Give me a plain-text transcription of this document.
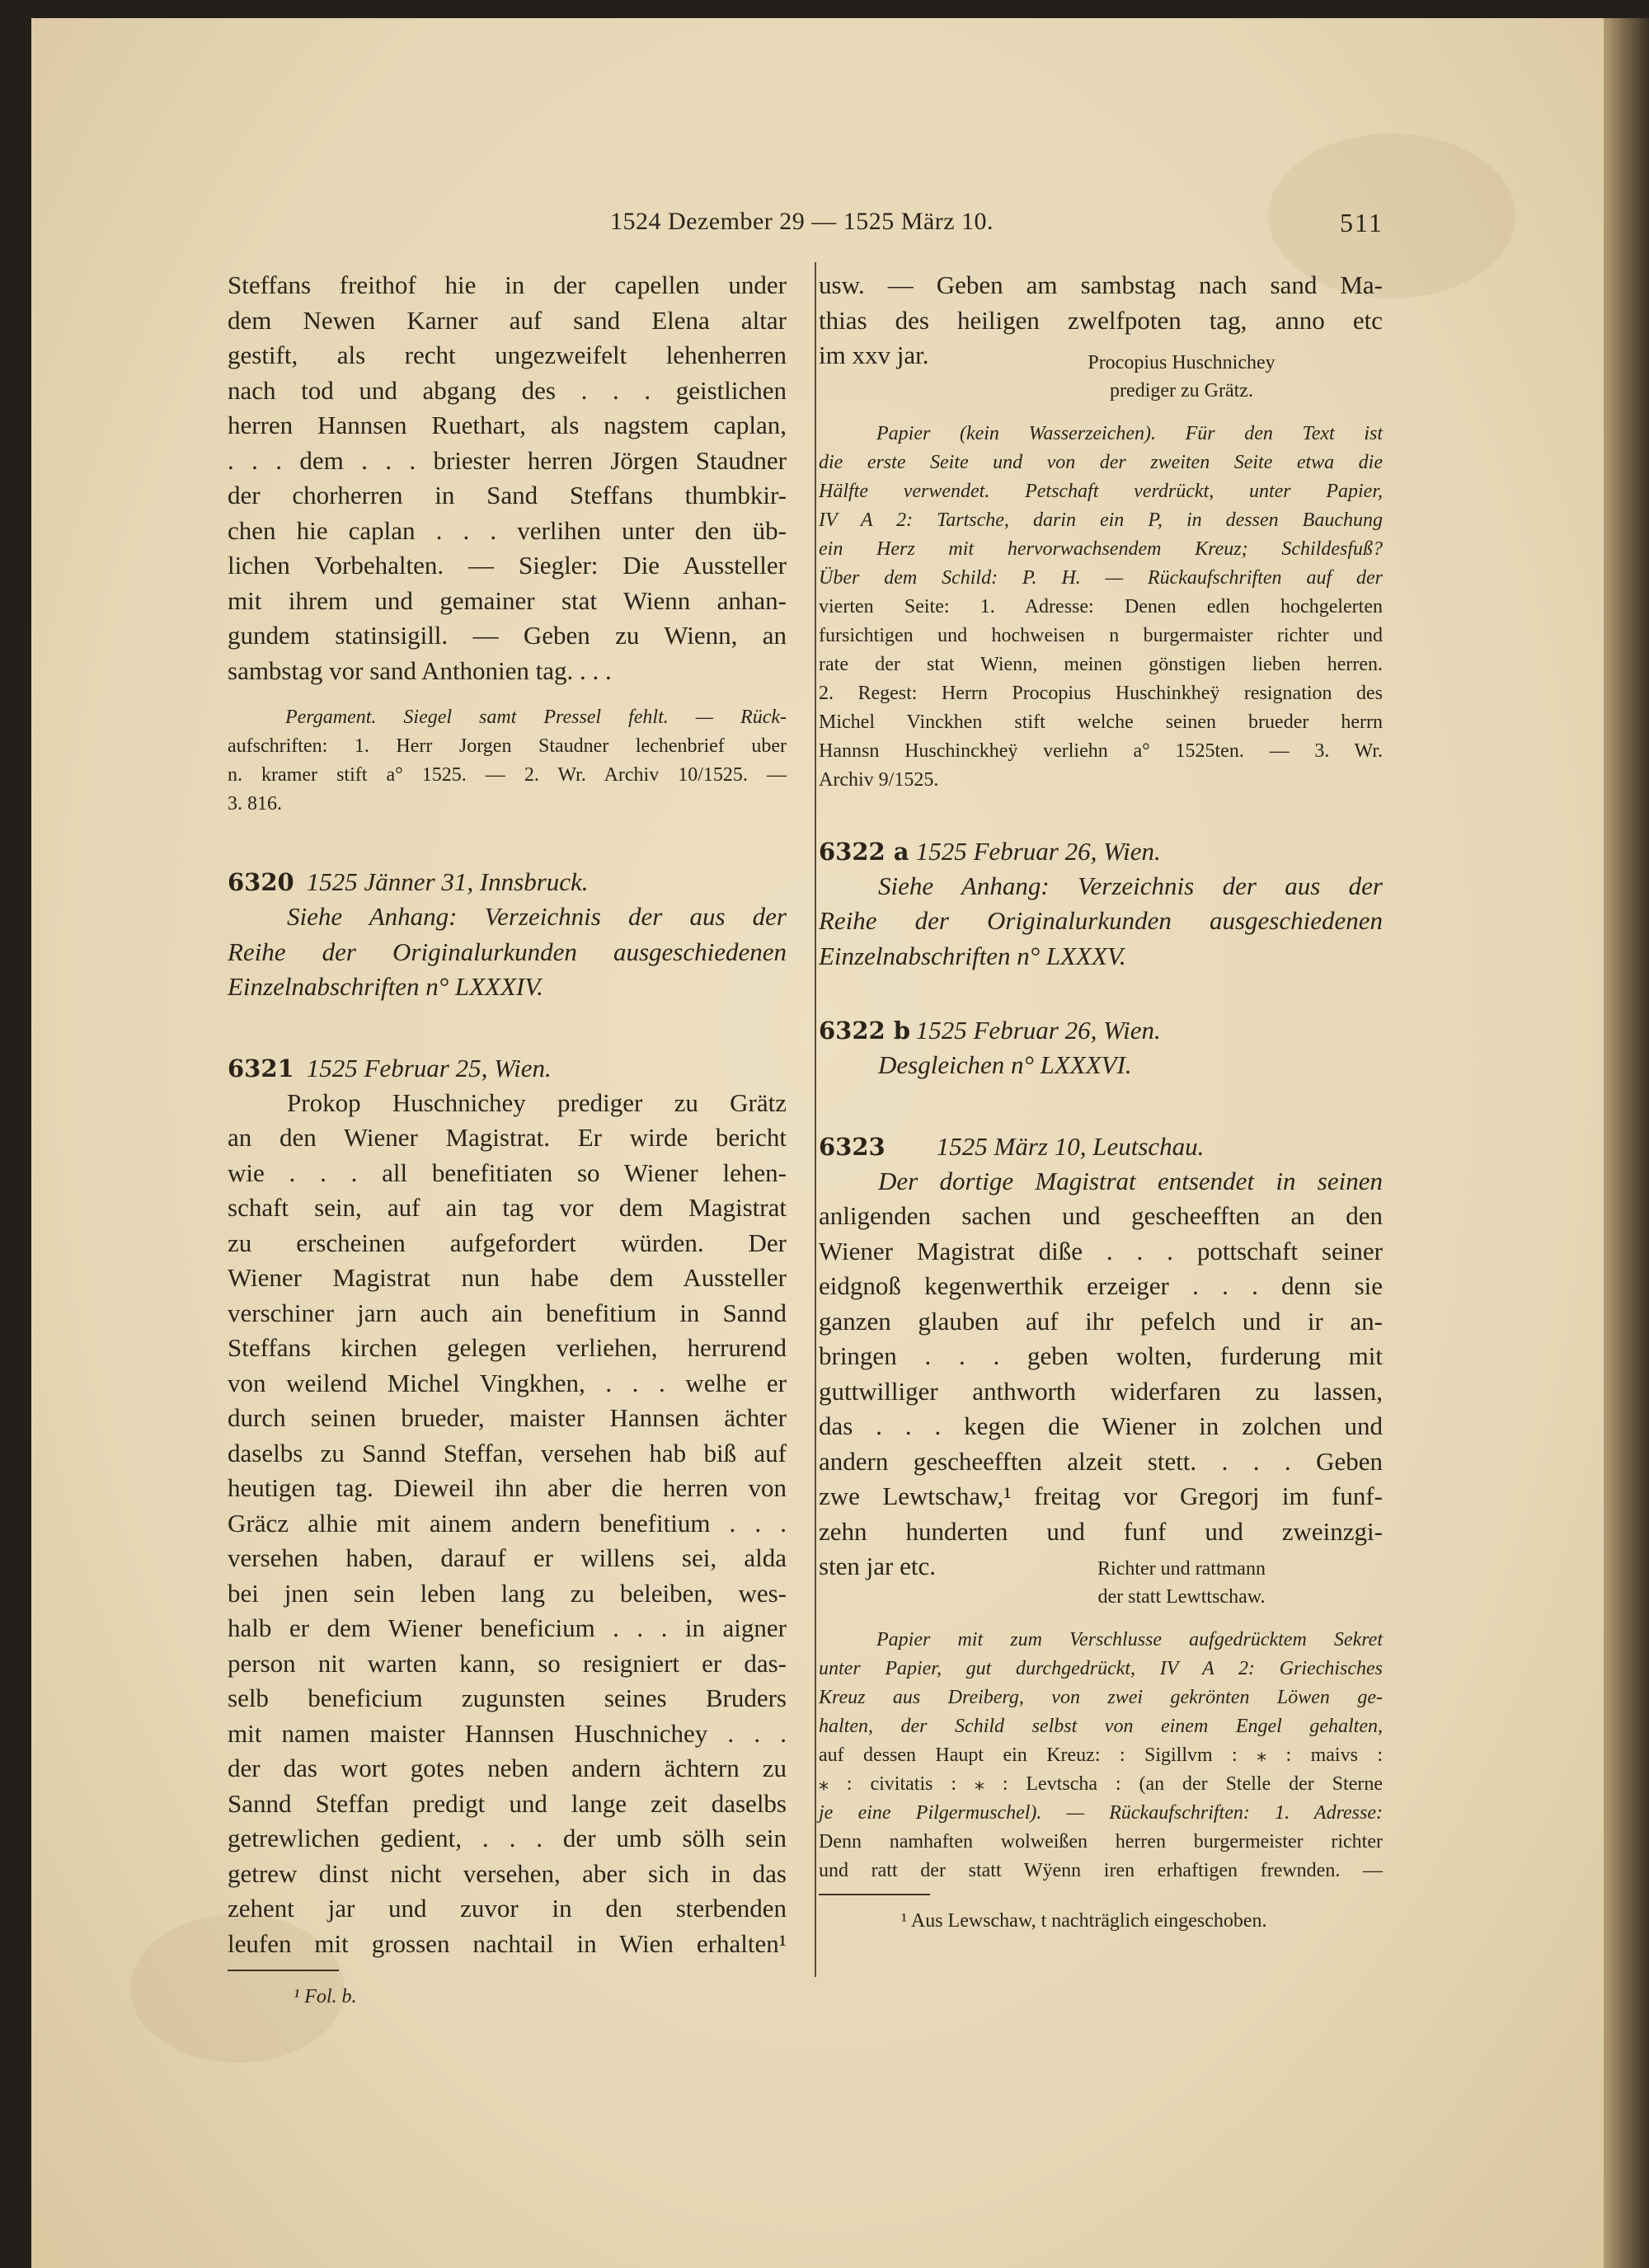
1524 Dezember 29 — 1525 März 10.	511
Steffans freithof hie in der capellen under
dem Newen Karner auf sand Elena altar
gestift, als recht ungezweifelt lehenherren
nach tod und abgang des . . . geistlichen
herren Hannsen Ruethart, als nagstem caplan,
. . . dem . . . briester herren Jörgen Staudner
der chorherren in Sand Steffans thumbkir-
chen hie caplan . . . verlihen unter den üb-
lichen Vorbehalten. — Siegler: Die Aussteller
mit ihrem und gemainer stat Wienn anhan-
gundem statinsigill. — Geben zu Wienn, an
sambstag vor sand Anthonien tag. . . .
Pergament. Siegel samt Pressel fehlt. — Rück-
aufschriften: 1. Herr Jorgen Staudner lechenbrief uber
n. kramer stift a° 1525. — 2. Wr. Archiv 10/1525. —
3. 816.
6320 1525 Jänner 31, Innsbruck.
Siehe Anhang: Verzeichnis der aus der
Reihe der Originalurkunden ausgeschiedenen
Einzelnabschriften n° LXXXIV.
6321 1525 Februar 25, Wien.
Prokop Huschnichey prediger zu Grätz
an den Wiener Magistrat. Er wirde bericht
wie . . . all benefitiaten so Wiener lehen-
schaft sein, auf ain tag vor dem Magistrat
zu erscheinen aufgefordert würden. Der
Wiener Magistrat nun habe dem Aussteller
verschiner jarn auch ain benefitium in Sannd
Steffans kirchen gelegen verliehen, herrurend
von weilend Michel Vingkhen, . . . welhe er
durch seinen brueder, maister Hannsen ächter
daselbs zu Sannd Steffan, versehen hab biß auf
heutigen tag. Dieweil ihn aber die herren von
Gräcz alhie mit ainem andern benefitium . . .
versehen haben, darauf er willens sei, alda
bei jnen sein leben lang zu beleiben, wes-
halb er dem Wiener beneficium . . . in aigner
person nit warten kann, so resigniert er das-
selb beneficium zugunsten seines Bruders
mit namen maister Hannsen Huschnichey . . .
der das wort gotes neben andern ächtern zu
Sannd Steffan predigt und lange zeit daselbs
getrewlichen gedient, . . . der umb sölh sein
getrew dinst nicht versehen, aber sich in das
zehent jar und zuvor in den sterbenden
leufen mit grossen nachtail in Wien erhalten¹
¹ Fol. b.
usw. — Geben am sambstag nach sand Ma-
thias des heiligen zwelfpoten tag, anno etc
im xxv jar.	Procopius Huschnichey
prediger zu Grätz.
Papier (kein Wasserzeichen). Für den Text ist
die erste Seite und von der zweiten Seite etwa die
Hälfte verwendet. Petschaft verdrückt, unter Papier,
IV A 2: Tartsche, darin ein P, in dessen Bauchung
ein Herz mit hervorwachsendem Kreuz; Schildesfuß?
Über dem Schild: P. H. — Rückaufschriften auf der
vierten Seite: 1. Adresse: Denen edlen hochgelerten
fursichtigen und hochweisen n burgermaister richter und
rate der stat Wienn, meinen gönstigen lieben herren.
2. Regest: Herrn Procopius Huschinkheÿ resignation des
Michel Vinckhen stift welche seinen brueder herrn
Hannsn Huschinckheÿ verliehn a° 1525ten. — 3. Wr.
Archiv 9/1525.
6322 a 1525 Februar 26, Wien.
Siehe Anhang: Verzeichnis der aus der
Reihe der Originalurkunden ausgeschiedenen
Einzelnabschriften n° LXXXV.
6322 b 1525 Februar 26, Wien.
Desgleichen n° LXXXVI.
6323 1525 März 10, Leutschau.
Der dortige Magistrat entsendet in seinen
anligenden sachen und gescheefften an den
Wiener Magistrat diße . . . pottschaft seiner
eidgnoß kegenwerthik erzeiger . . . denn sie
ganzen glauben auf ihr pefelch und ir an-
bringen . . . geben wolten, furderung mit
guttwilliger anthworth widerfaren zu lassen,
das . . . kegen die Wiener in zolchen und
andern gescheefften alzeit stett. . . . Geben
zwe Lewtschaw,¹ freitag vor Gregorj im funf-
zehn hunderten und funf und zweinzgi-
sten jar etc.	Richter und rattmann
der statt Lewttschaw.
Papier mit zum Verschlusse aufgedrücktem Sekret
unter Papier, gut durchgedrückt, IV A 2: Griechisches
Kreuz aus Dreiberg, von zwei gekrönten Löwen ge-
halten, der Schild selbst von einem Engel gehalten,
auf dessen Haupt ein Kreuz: : Sigillvm : ⁎ : maivs :
⁎ : civitatis : ⁎ : Levtscha : (an der Stelle der Sterne
je eine Pilgermuschel). — Rückaufschriften: 1. Adresse:
Denn namhaften wolweißen herren burgermeister richter
und ratt der statt Wÿenn iren erhaftigen frewnden. —
¹ Aus Lewschaw, t nachträglich eingeschoben.
